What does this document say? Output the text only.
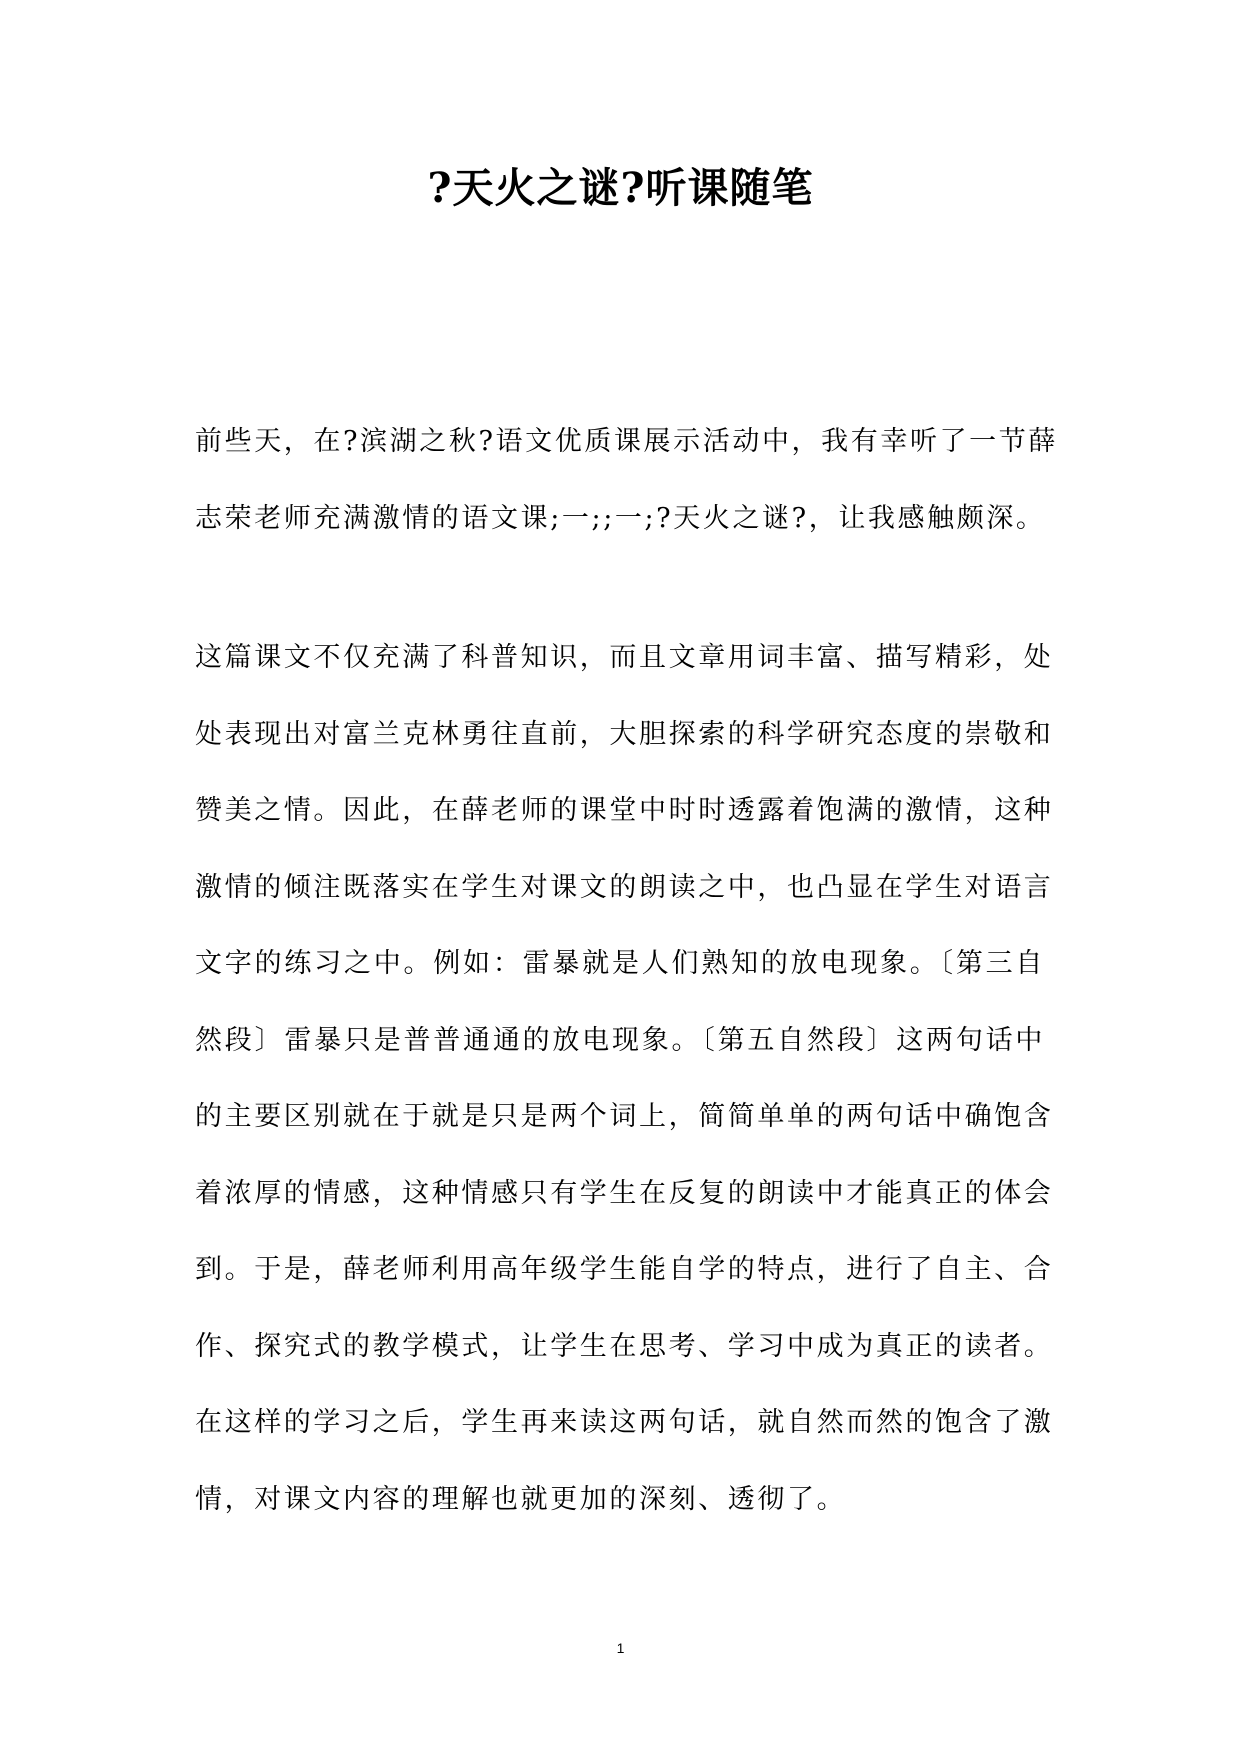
?天火之谜?听课随笔
前些天，在?滨湖之秋?语文优质课展示活动中，我有幸听了一节薛
志荣老师充满激情的语文课;一;;一;?天火之谜?，让我感触颇深。
这篇课文不仅充满了科普知识，而且文章用词丰富、描写精彩，处
处表现出对富兰克林勇往直前，大胆探索的科学研究态度的崇敬和
赞美之情。因此，在薛老师的课堂中时时透露着饱满的激情，这种
激情的倾注既落实在学生对课文的朗读之中，也凸显在学生对语言
文字的练习之中。例如：雷暴就是人们熟知的放电现象。〔第三自
然段〕雷暴只是普普通通的放电现象。〔第五自然段〕这两句话中
的主要区别就在于就是只是两个词上，简简单单的两句话中确饱含
着浓厚的情感，这种情感只有学生在反复的朗读中才能真正的体会
到。于是，薛老师利用高年级学生能自学的特点，进行了自主、合
作、探究式的教学模式，让学生在思考、学习中成为真正的读者。
在这样的学习之后，学生再来读这两句话，就自然而然的饱含了激
情，对课文内容的理解也就更加的深刻、透彻了。
1
